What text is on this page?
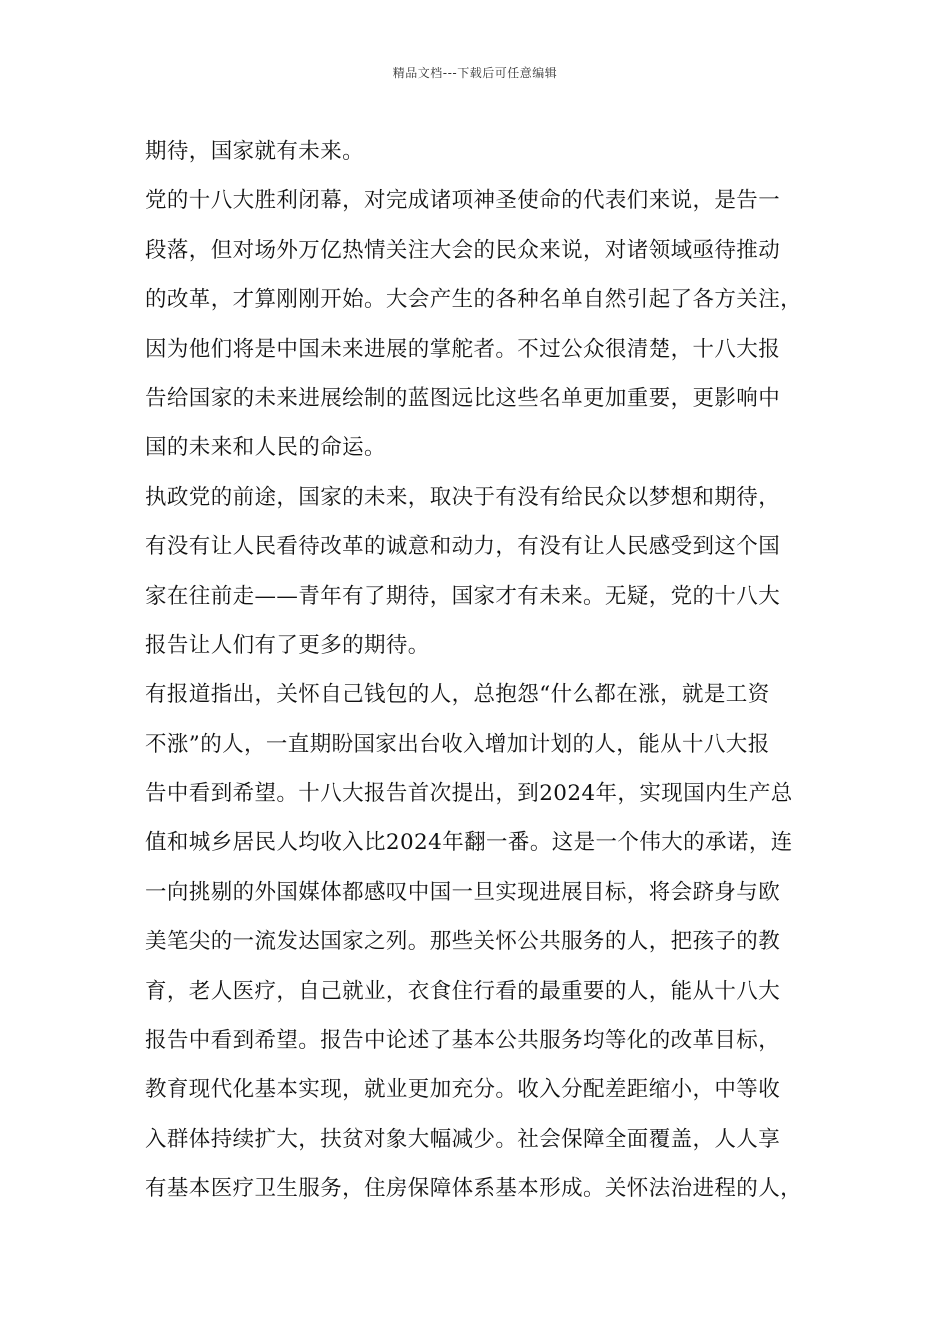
精品文档---下载后可任意编辑
期待，国家就有未来。
党的十八大胜利闭幕，对完成诸项神圣使命的代表们来说，是告一
段落，但对场外万亿热情关注大会的民众来说，对诸领域亟待推动
的改革，才算刚刚开始。大会产生的各种名单自然引起了各方关注，
因为他们将是中国未来进展的掌舵者。不过公众很清楚，十八大报
告给国家的未来进展绘制的蓝图远比这些名单更加重要，更影响中
国的未来和人民的命运。
执政党的前途，国家的未来，取决于有没有给民众以梦想和期待，
有没有让人民看待改革的诚意和动力，有没有让人民感受到这个国
家在往前走——青年有了期待，国家才有未来。无疑，党的十八大
报告让人们有了更多的期待。
有报道指出，关怀自己钱包的人，总抱怨“什么都在涨，就是工资
不涨”的人，一直期盼国家出台收入增加计划的人，能从十八大报
告中看到希望。十八大报告首次提出，到2024年，实现国内生产总
值和城乡居民人均收入比2024年翻一番。这是一个伟大的承诺，连
一向挑剔的外国媒体都感叹中国一旦实现进展目标，将会跻身与欧
美笔尖的一流发达国家之列。那些关怀公共服务的人，把孩子的教
育，老人医疗，自己就业，衣食住行看的最重要的人，能从十八大
报告中看到希望。报告中论述了基本公共服务均等化的改革目标，
教育现代化基本实现，就业更加充分。收入分配差距缩小，中等收
入群体持续扩大，扶贫对象大幅减少。社会保障全面覆盖，人人享
有基本医疗卫生服务，住房保障体系基本形成。关怀法治进程的人，
